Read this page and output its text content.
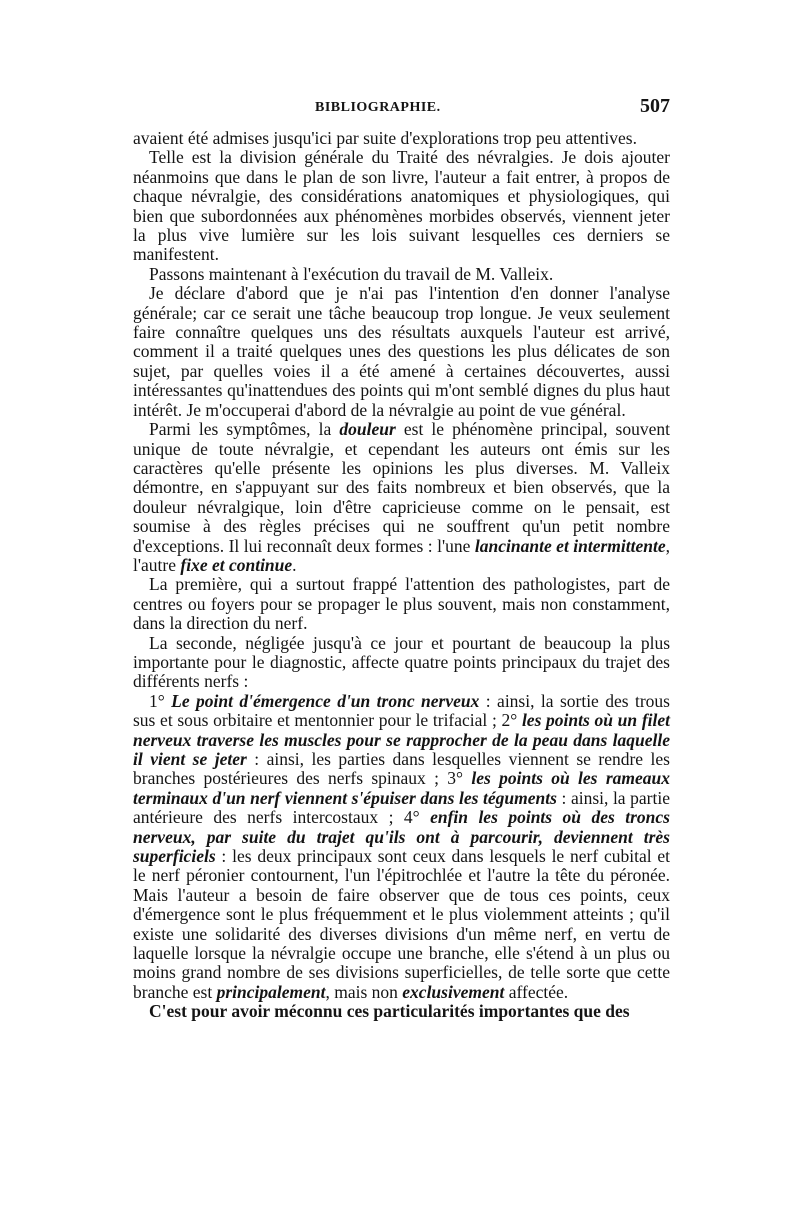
BIBLIOGRAPHIE.	507

avaient été admises jusqu'ici par suite d'explorations trop peu attentives.

Telle est la division générale du Traité des névralgies. Je dois ajouter néanmoins que dans le plan de son livre, l'auteur a fait entrer, à propos de chaque névralgie, des considérations anatomiques et physiologiques, qui bien que subordonnées aux phénomènes morbides observés, viennent jeter la plus vive lumière sur les lois suivant lesquelles ces derniers se manifestent.

Passons maintenant à l'exécution du travail de M. Valleix.

Je déclare d'abord que je n'ai pas l'intention d'en donner l'analyse générale; car ce serait une tâche beaucoup trop longue. Je veux seulement faire connaître quelques uns des résultats auxquels l'auteur est arrivé, comment il a traité quelques unes des questions les plus délicates de son sujet, par quelles voies il a été amené à certaines découvertes, aussi intéressantes qu'inattendues des points qui m'ont semblé dignes du plus haut intérêt. Je m'occuperai d'abord de la névralgie au point de vue général.

Parmi les symptômes, la douleur est le phénomène principal, souvent unique de toute névralgie, et cependant les auteurs ont émis sur les caractères qu'elle présente les opinions les plus diverses. M. Valleix démontre, en s'appuyant sur des faits nombreux et bien observés, que la douleur névralgique, loin d'être capricieuse comme on le pensait, est soumise à des règles précises qui ne souffrent qu'un petit nombre d'exceptions. Il lui reconnaît deux formes : l'une lancinante et intermittente, l'autre fixe et continue.

La première, qui a surtout frappé l'attention des pathologistes, part de centres ou foyers pour se propager le plus souvent, mais non constamment, dans la direction du nerf.

La seconde, négligée jusqu'à ce jour et pourtant de beaucoup la plus importante pour le diagnostic, affecte quatre points principaux du trajet des différents nerfs :

1° Le point d'émergence d'un tronc nerveux : ainsi, la sortie des trous sus et sous orbitaire et mentonnier pour le trifacial ; 2° les points où un filet nerveux traverse les muscles pour se rapprocher de la peau dans laquelle il vient se jeter : ainsi, les parties dans lesquelles viennent se rendre les branches postérieures des nerfs spinaux ; 3° les points où les rameaux terminaux d'un nerf viennent s'épuiser dans les téguments : ainsi, la partie antérieure des nerfs intercostaux ; 4° enfin les points où des troncs nerveux, par suite du trajet qu'ils ont à parcourir, deviennent très superficiels : les deux principaux sont ceux dans lesquels le nerf cubital et le nerf péronier contournent, l'un l'épitrochlée et l'autre la tête du péronée. Mais l'auteur a besoin de faire observer que de tous ces points, ceux d'émergence sont le plus fréquemment et le plus violemment atteints ; qu'il existe une solidarité des diverses divisions d'un même nerf, en vertu de laquelle lorsque la névralgie occupe une branche, elle s'étend à un plus ou moins grand nombre de ses divisions superficielles, de telle sorte que cette branche est principalement, mais non exclusivement affectée.

C'est pour avoir méconnu ces particularités importantes que des
